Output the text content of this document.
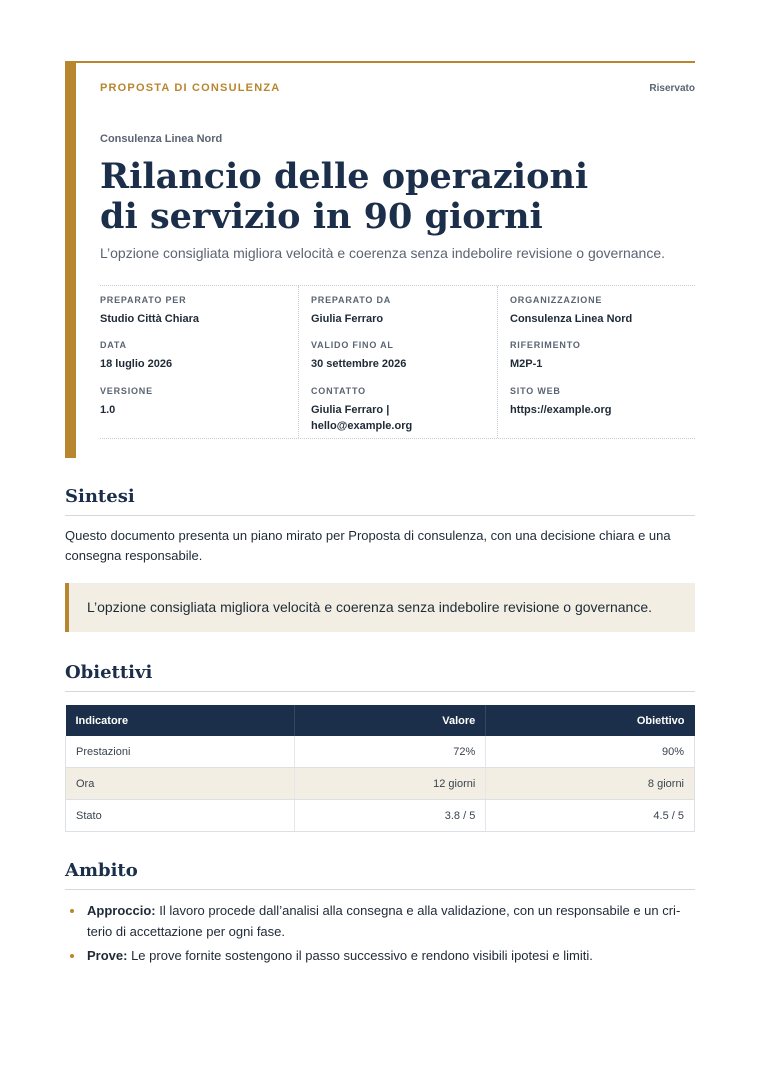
PROPOSTA DI CONSULENZA	Riservato
Consulenza Linea Nord
Rilancio delle operazioni
di servizio in 90 giorni
L’opzione consigliata migliora velocità e coerenza senza indebolire revisione o governance.
PREPARATO PER
Studio Città Chiara
DATA
18 luglio 2026
VERSIONE
1.0
PREPARATO DA
Giulia Ferraro
VALIDO FINO AL
30 settembre 2026
CONTATTO
Giulia Ferraro |
hello@example.org
ORGANIZZAZIONE
Consulenza Linea Nord
RIFERIMENTO
M2P-1
SITO WEB
https://example.org
Sintesi

Questo documento presenta un piano mirato per Proposta di consulenza, con una decisione chiara e una consegna responsabile.

L’opzione consigliata migliora velocità e coerenza senza indebolire revisione o governance.
Obiettivi
Indicatore	Valore	Obiettivo
Prestazioni	72%	90%
Ora	12 giorni	8 giorni
Stato	3.8 / 5	4.5 / 5
Ambito
Approccio: Il lavoro procede dall’analisi alla consegna e alla validazione, con un responsabile e un cri-
terio di accettazione per ogni fase.
Prove: Le prove fornite sostengono il passo successivo e rendono visibili ipotesi e limiti.
